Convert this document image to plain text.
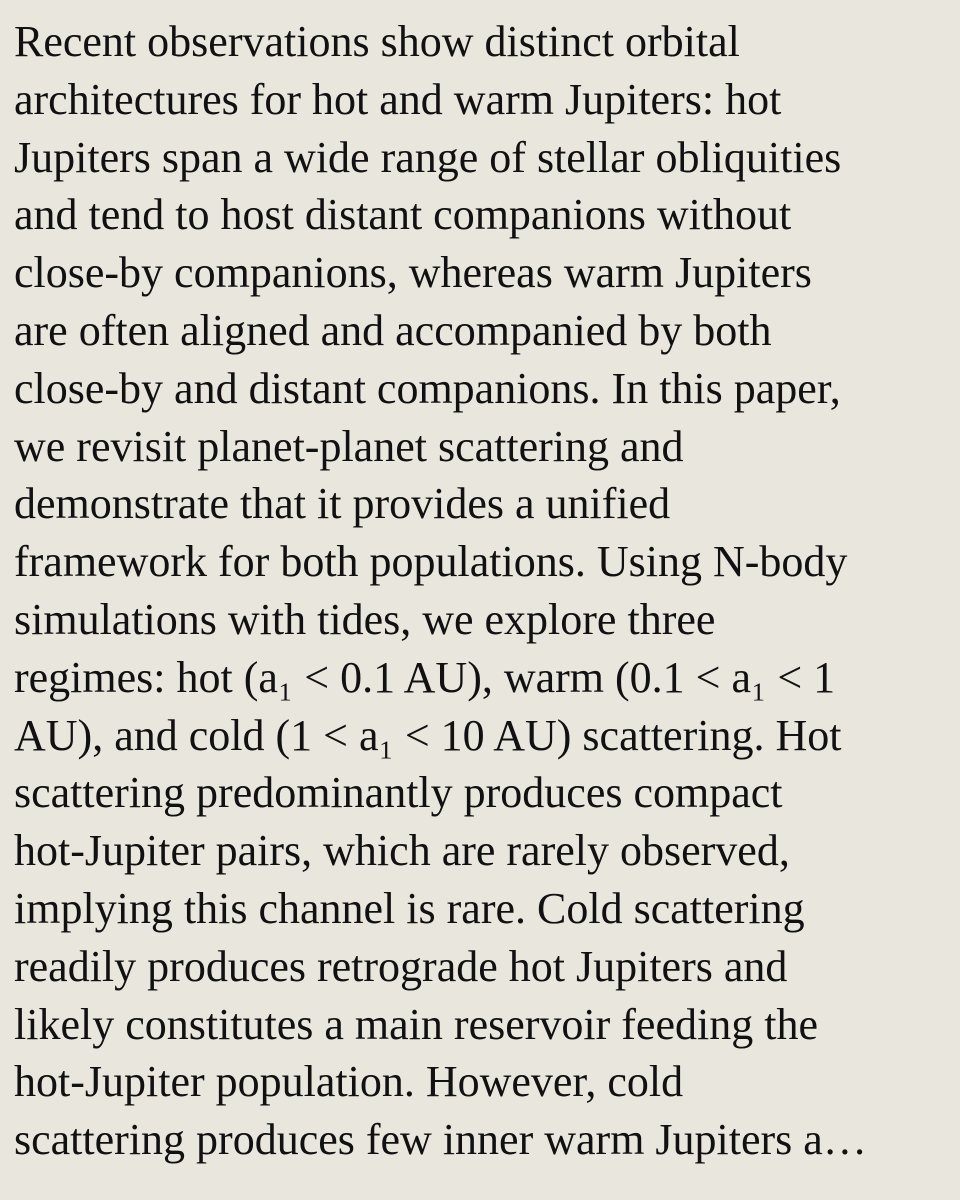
Recent observations show distinct orbital
architectures for hot and warm Jupiters: hot
Jupiters span a wide range of stellar obliquities
and tend to host distant companions without
close-by companions, whereas warm Jupiters
are often aligned and accompanied by both
close-by and distant companions. In this paper,
we revisit planet-planet scattering and
demonstrate that it provides a unified
framework for both populations. Using N-body
simulations with tides, we explore three
regimes: hot (a₁ < 0.1 AU), warm (0.1 < a₁ < 1
AU), and cold (1 < a₁ < 10 AU) scattering. Hot
scattering predominantly produces compact
hot-Jupiter pairs, which are rarely observed,
implying this channel is rare. Cold scattering
readily produces retrograde hot Jupiters and
likely constitutes a main reservoir feeding the
hot-Jupiter population. However, cold
scattering produces few inner warm Jupiters a…
